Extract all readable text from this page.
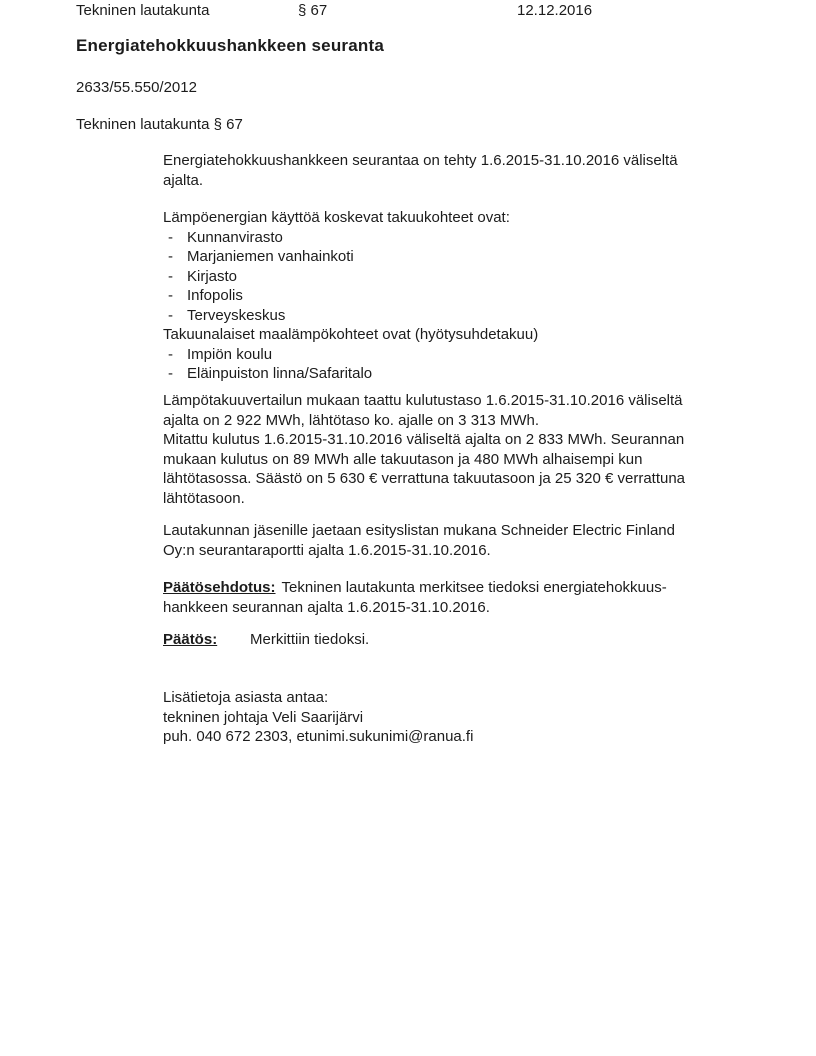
Tekninen lautakunta	§ 67	12.12.2016
Energiatehokkuushankkeen seuranta
2633/55.550/2012
Tekninen lautakunta § 67
Energiatehokkuushankkeen seurantaa on tehty 1.6.2015-31.10.2016 väliseltä
ajalta.
Lämpöenergian käyttöä koskevat takuukohteet ovat:
- Kunnanvirasto
- Marjaniemen vanhainkoti
- Kirjasto
- Infopolis
- Terveyskeskus
Takuunalaiset maalämpökohteet ovat (hyötysuhdetakuu)
- Impiön koulu
- Eläinpuiston linna/Safaritalo
Lämpötakuuvertailun mukaan taattu kulutustaso 1.6.2015-31.10.2016 väliseltä
ajalta on 2 922 MWh, lähtötaso ko. ajalle on 3 313 MWh.
Mitattu kulutus 1.6.2015-31.10.2016 väliseltä ajalta on 2 833 MWh. Seurannan
mukaan kulutus on 89 MWh alle takuutason ja 480 MWh alhaisempi kun
lähtötasossa. Säästö on 5 630 € verrattuna takuutasoon ja 25 320 € verrattuna
lähtötasoon.
Lautakunnan jäsenille jaetaan esityslistan mukana Schneider Electric Finland
Oy:n seurantaraportti ajalta 1.6.2015-31.10.2016.
Päätösehdotus: Tekninen lautakunta merkitsee tiedoksi energiatehokkuus-
hankkeen seurannan ajalta 1.6.2015-31.10.2016.
Päätös:	Merkittiin tiedoksi.
Lisätietoja asiasta antaa:
tekninen johtaja Veli Saarijärvi
puh. 040 672 2303, etunimi.sukunimi@ranua.fi
